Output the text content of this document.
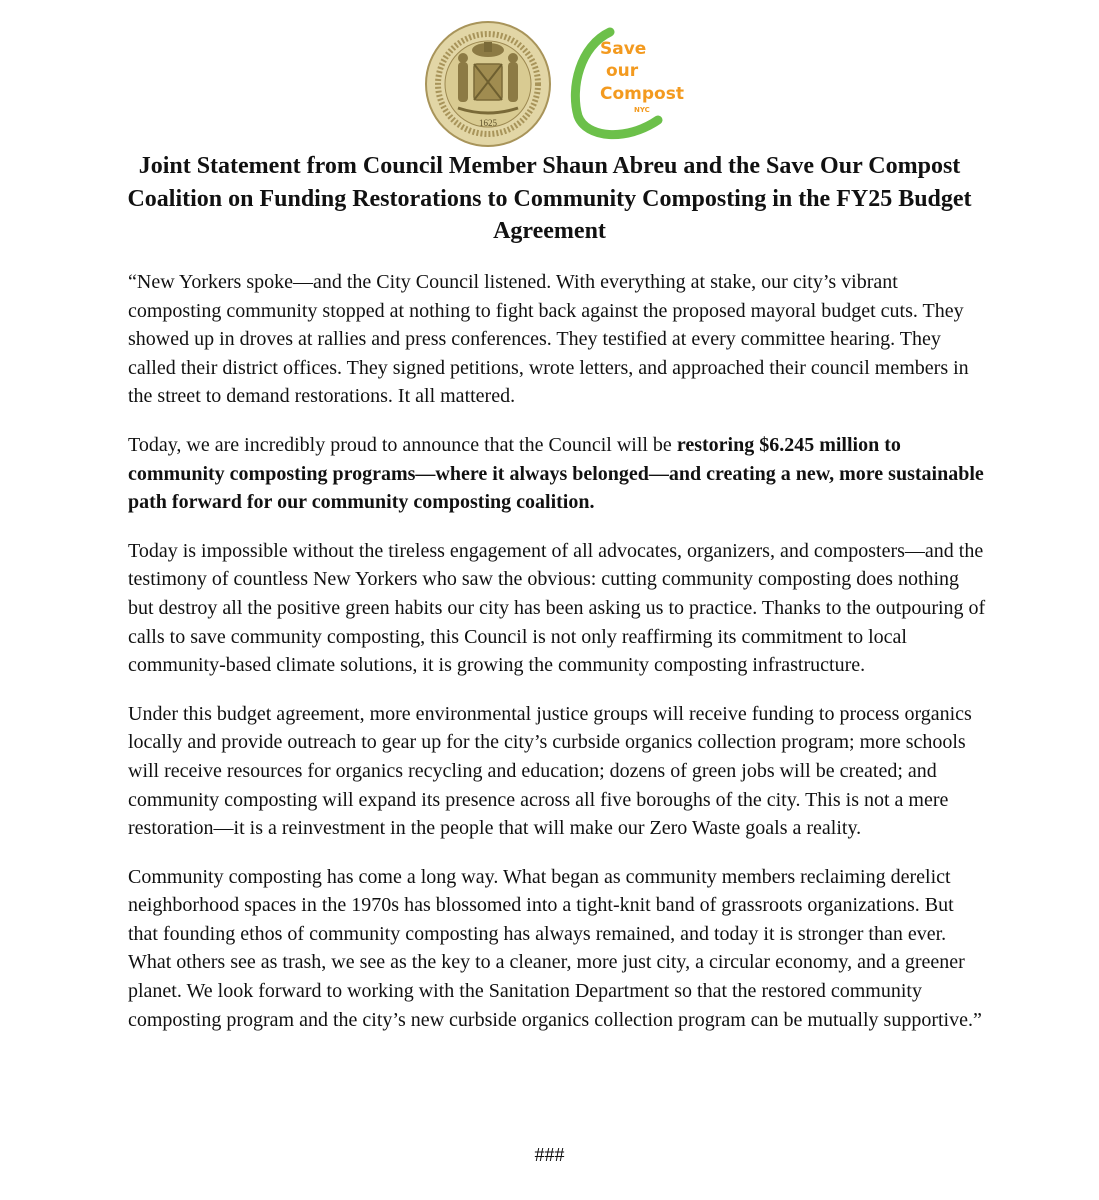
1625
Save
our
Compost
NYC
Joint Statement from Council Member Shaun Abreu and the Save Our Compost Coalition on Funding Restorations to Community Composting in the FY25 Budget Agreement

“New Yorkers spoke—and the City Council listened. With everything at stake, our city’s vibrant composting community stopped at nothing to fight back against the proposed mayoral budget cuts. They showed up in droves at rallies and press conferences. They testified at every committee hearing. They called their district offices. They signed petitions, wrote letters, and approached their council members in the street to demand restorations. It all mattered.

Today, we are incredibly proud to announce that the Council will be restoring $6.245 million to community composting programs—where it always belonged—and creating a new, more sustainable path forward for our community composting coalition.

Today is impossible without the tireless engagement of all advocates, organizers, and composters—and the testimony of countless New Yorkers who saw the obvious: cutting community composting does nothing but destroy all the positive green habits our city has been asking us to practice. Thanks to the outpouring of calls to save community composting, this Council is not only reaffirming its commitment to local community-based climate solutions, it is growing the community composting infrastructure.

Under this budget agreement, more environmental justice groups will receive funding to process organics locally and provide outreach to gear up for the city’s curbside organics collection program; more schools will receive resources for organics recycling and education; dozens of green jobs will be created; and community composting will expand its presence across all five boroughs of the city. This is not a mere restoration—it is a reinvestment in the people that will make our Zero Waste goals a reality.

Community composting has come a long way. What began as community members reclaiming derelict neighborhood spaces in the 1970s has blossomed into a tight-knit band of grassroots organizations. But that founding ethos of community composting has always remained, and today it is stronger than ever. What others see as trash, we see as the key to a cleaner, more just city, a circular economy, and a greener planet. We look forward to working with the Sanitation Department so that the restored community composting program and the city’s new curbside organics collection program can be mutually supportive.”

###
